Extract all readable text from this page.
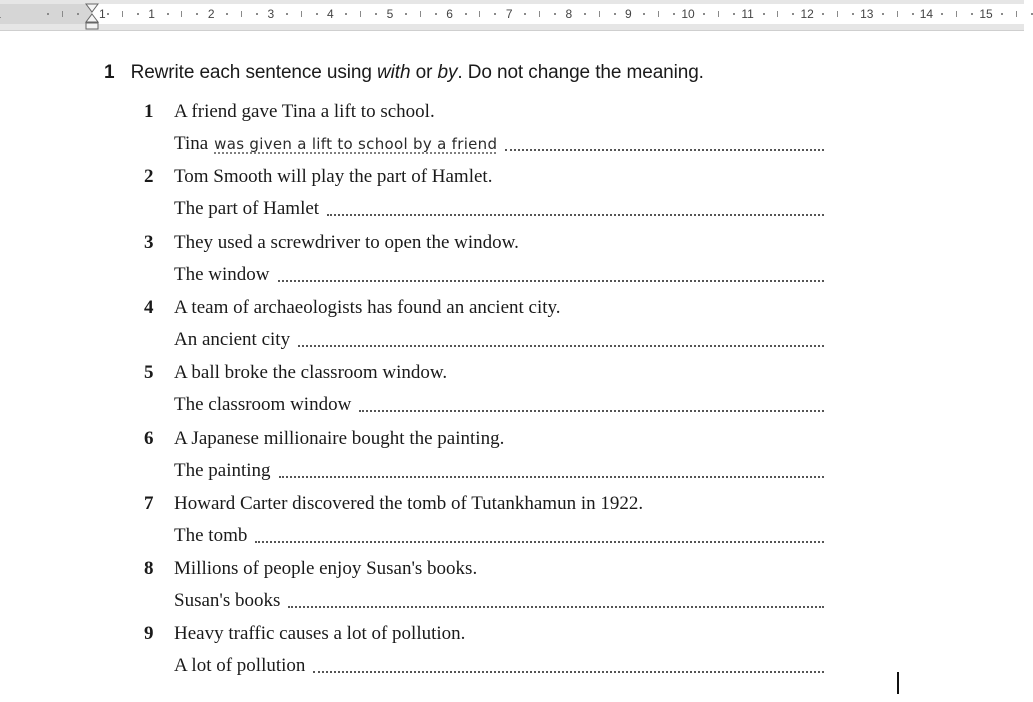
1	1	2	3	4	5	6	7	8	9	10	11	12	13	14	15
1 Rewrite each sentence using with or by. Do not change the meaning.
1 A friend gave Tina a lift to school.
Tina was given a lift to school by a friend
2 Tom Smooth will play the part of Hamlet.
The part of Hamlet
3 They used a screwdriver to open the window.
The window
4 A team of archaeologists has found an ancient city.
An ancient city
5 A ball broke the classroom window.
The classroom window
6 A Japanese millionaire bought the painting.
The painting
7 Howard Carter discovered the tomb of Tutankhamun in 1922.
The tomb
8 Millions of people enjoy Susan's books.
Susan's books
9 Heavy traffic causes a lot of pollution.
A lot of pollution
